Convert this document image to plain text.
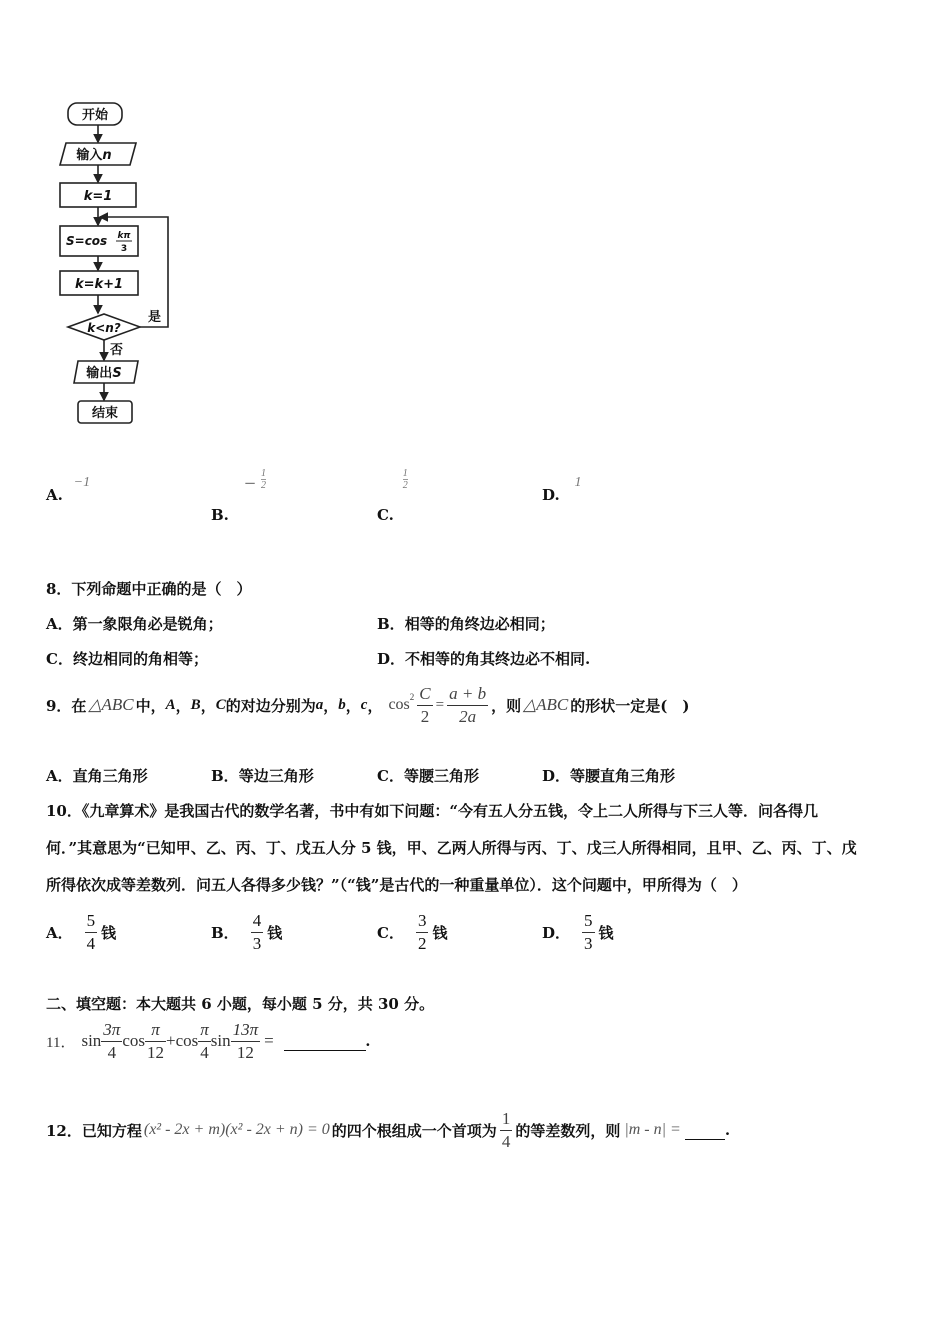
开始
输入n
k=1
S=cos kπ
3
k=k+1
k<n?
是
否
输出S
结束
A. −1
B. − $\frac{1}{2}$
C.
$\frac{1}{2}$
D. 1
8．下列命题中正确的是（　）
A．第一象限角必是锐角；	B．相等的角终边必相同；
C．终边相同的角相等；	D．不相等的角其终边必不相同.
9．在 △ABC 中， A ， B ， C 的对边分别为 a ， b ， c ， $\cos^2 \frac{C}{2} = \frac{a + b}{2a}$ ，则 △ABC 的形状一定是(　)
A．直角三角形	B．等边三角形	C．等腰三角形	D．等腰直角三角形
10．《九章算术》是我国古代的数学名著，书中有如下问题：“今有五人分五钱，令上二人所得与下三人等．问各得几
何．”其意思为“已知甲、乙、丙、丁、戊五人分 5 钱，甲、乙两人所得与丙、丁、戊三人所得相同，且甲、乙、丙、丁、戊
所得依次成等差数列．问五人各得多少钱？”（“钱”是古代的一种重量单位）．这个问题中，甲所得为（　）
A． $\frac{5}{4}$ 钱	B． $\frac{4}{3}$ 钱	C． $\frac{3}{2}$ 钱	D． $\frac{5}{3}$ 钱
二、填空题：本大题共 6 小题，每小题 5 分，共 30 分。
11． $\sin \frac{3\pi}{4}$ $\cos \frac{\pi}{12} + \cos \frac{\pi}{4}$ $\sin \frac{13\pi}{12}$ =	.
12．已知方程 (x² - 2x + m)(x² - 2x + n) = 0 的四个根组成一个首项为 $\frac{1}{4}$ 的等差数列，则 |m - n| =	.
